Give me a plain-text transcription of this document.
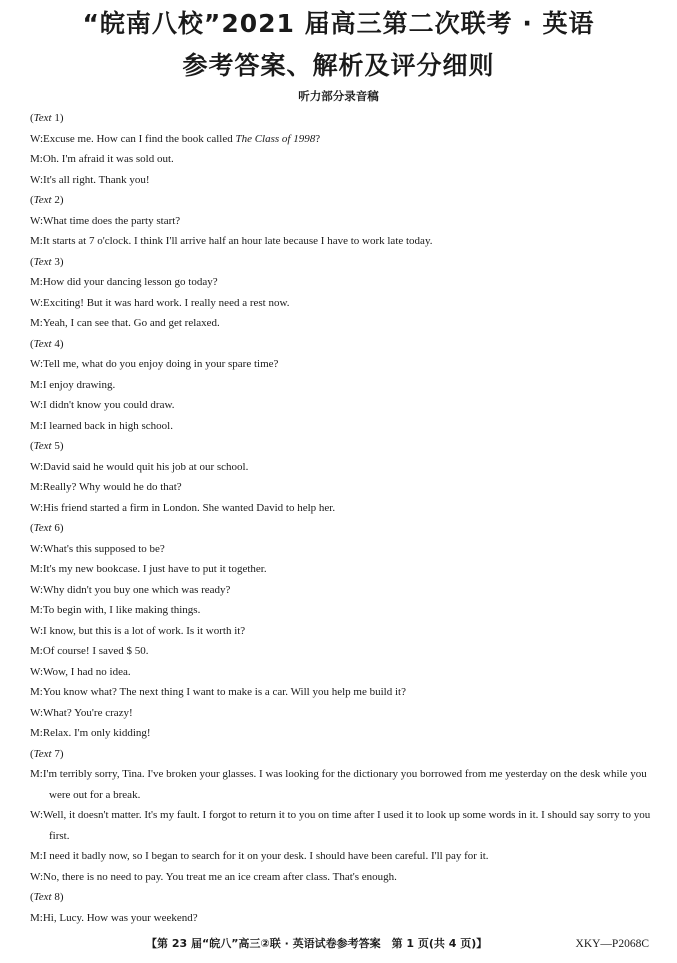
“皖南八校”2021 届高三第二次联考 · 英语
参考答案、解析及评分细则
听力部分录音稿
(Text 1)
W:Excuse me. How can I find the book called The Class of 1998?
M:Oh. I'm afraid it was sold out.
W:It's all right. Thank you!
(Text 2)
W:What time does the party start?
M:It starts at 7 o'clock. I think I'll arrive half an hour late because I have to work late today.
(Text 3)
M:How did your dancing lesson go today?
W:Exciting! But it was hard work. I really need a rest now.
M:Yeah, I can see that. Go and get relaxed.
(Text 4)
W:Tell me, what do you enjoy doing in your spare time?
M:I enjoy drawing.
W:I didn't know you could draw.
M:I learned back in high school.
(Text 5)
W:David said he would quit his job at our school.
M:Really? Why would he do that?
W:His friend started a firm in London. She wanted David to help her.
(Text 6)
W:What's this supposed to be?
M:It's my new bookcase. I just have to put it together.
W:Why didn't you buy one which was ready?
M:To begin with, I like making things.
W:I know, but this is a lot of work. Is it worth it?
M:Of course! I saved $ 50.
W:Wow, I had no idea.
M:You know what? The next thing I want to make is a car. Will you help me build it?
W:What? You're crazy!
M:Relax. I'm only kidding!
(Text 7)
M:I'm terribly sorry, Tina. I've broken your glasses. I was looking for the dictionary you borrowed from me yesterday on the desk while you were out for a break.
W:Well, it doesn't matter. It's my fault. I forgot to return it to you on time after I used it to look up some words in it. I should say sorry to you first.
M:I need it badly now, so I began to search for it on your desk. I should have been careful. I'll pay for it.
W:No, there is no need to pay. You treat me an ice cream after class. That's enough.
(Text 8)
M:Hi, Lucy. How was your weekend?
【第 23 届“皖八”高三②联 · 英语试卷参考答案　第 1 页(共 4 页)】	XKY—P2068C
